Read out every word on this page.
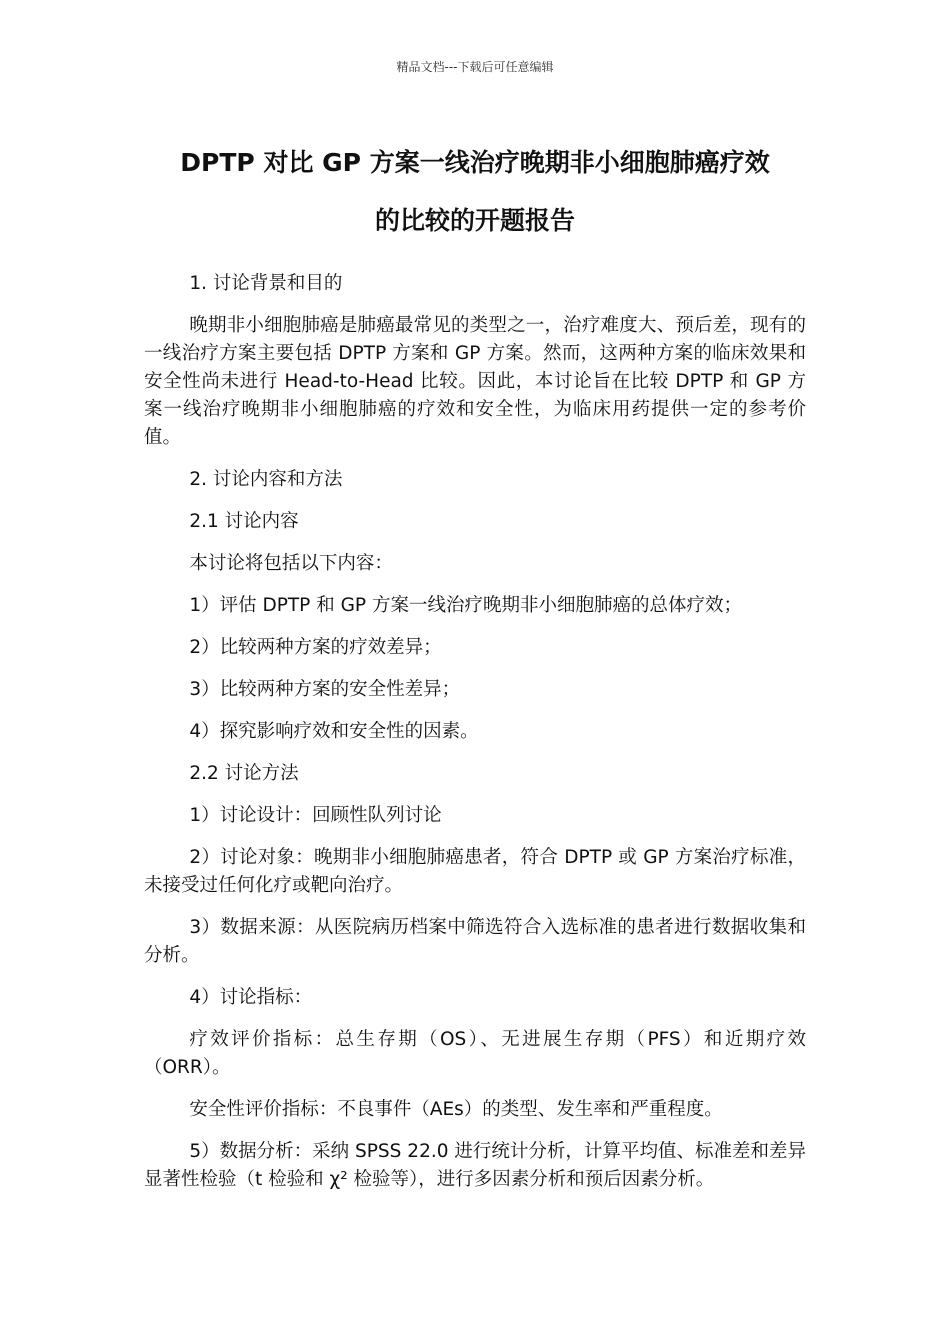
精品文档---下载后可任意编辑
DPTP 对比 GP 方案一线治疗晚期非小细胞肺癌疗效
的比较的开题报告

1. 讨论背景和目的

晚期非小细胞肺癌是肺癌最常见的类型之一，治疗难度大、预后差，现有的一线治疗方案主要包括 DPTP 方案和 GP 方案。然而，这两种方案的临床效果和安全性尚未进行 Head-to-Head 比较。因此，本讨论旨在比较 DPTP 和 GP 方案一线治疗晚期非小细胞肺癌的疗效和安全性，为临床用药提供一定的参考价值。

2. 讨论内容和方法

2.1 讨论内容

本讨论将包括以下内容：

1）评估 DPTP 和 GP 方案一线治疗晚期非小细胞肺癌的总体疗效；

2）比较两种方案的疗效差异；

3）比较两种方案的安全性差异；

4）探究影响疗效和安全性的因素。

2.2 讨论方法

1）讨论设计：回顾性队列讨论

2）讨论对象：晚期非小细胞肺癌患者，符合 DPTP 或 GP 方案治疗标准，未接受过任何化疗或靶向治疗。

3）数据来源：从医院病历档案中筛选符合入选标准的患者进行数据收集和分析。

4）讨论指标：

疗效评价指标：总生存期（OS）、无进展生存期（PFS）和近期疗效（ORR）。

安全性评价指标：不良事件（AEs）的类型、发生率和严重程度。

5）数据分析：采纳 SPSS 22.0 进行统计分析，计算平均值、标准差和差异显著性检验（t 检验和 χ² 检验等），进行多因素分析和预后因素分析。
